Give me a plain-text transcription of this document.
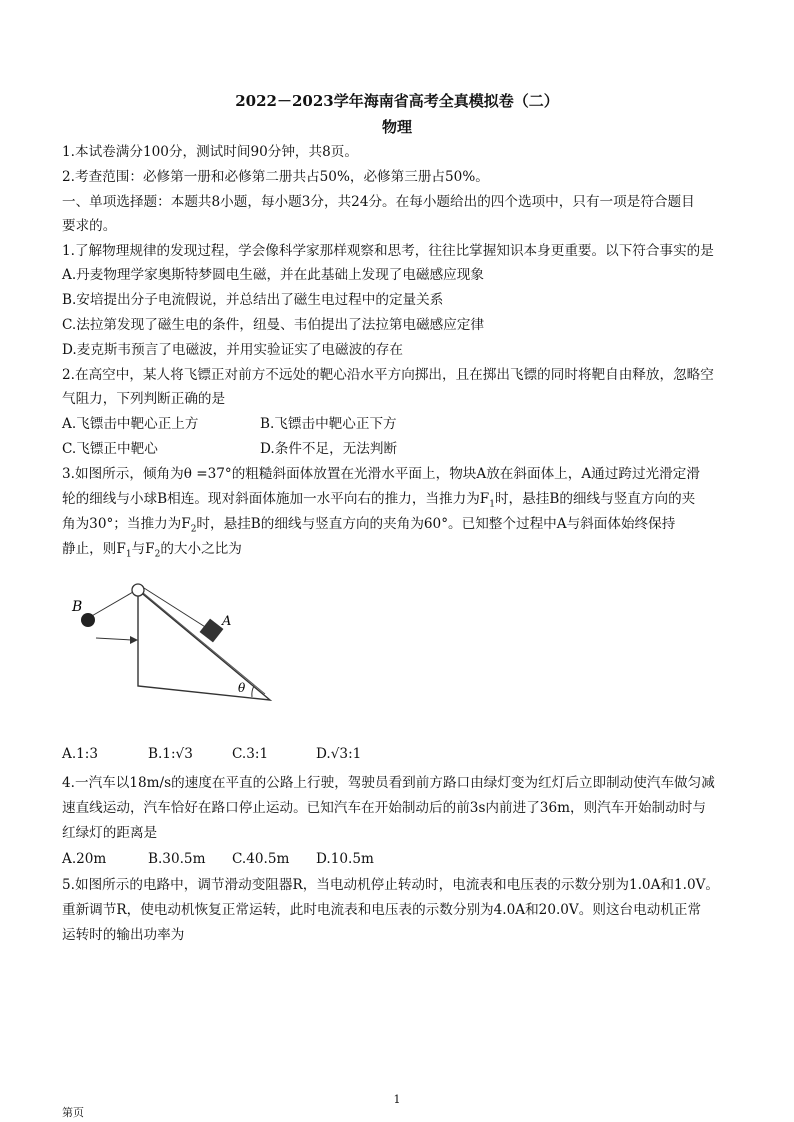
2022－2023学年海南省高考全真模拟卷（二）
物理
1.本试卷满分100分，测试时间90分钟，共8页。
2.考查范围：必修第一册和必修第二册共占50%，必修第三册占50%。
一、单项选择题：本题共8小题，每小题3分，共24分。在每小题给出的四个选项中，只有一项是符合题目
要求的。
1.了解物理规律的发现过程，学会像科学家那样观察和思考，往往比掌握知识本身更重要。以下符合事实的是
A.丹麦物理学家奥斯特梦圆电生磁，并在此基础上发现了电磁感应现象
B.安培提出分子电流假说，并总结出了磁生电过程中的定量关系
C.法拉第发现了磁生电的条件，纽曼、韦伯提出了法拉第电磁感应定律
D.麦克斯韦预言了电磁波，并用实验证实了电磁波的存在
2.在高空中，某人将飞镖正对前方不远处的靶心沿水平方向掷出，且在掷出飞镖的同时将靶自由释放，忽略空
气阻力，下列判断正确的是
A.飞镖击中靶心正上方	B.飞镖击中靶心正下方
C.飞镖正中靶心	D.条件不足，无法判断
3.如图所示，倾角为θ =37°的粗糙斜面体放置在光滑水平面上，物块A放在斜面体上，A通过跨过光滑定滑
轮的细线与小球B相连。现对斜面体施加一水平向右的推力，当推力为$F_1$时，悬挂B的细线与竖直方向的夹
角为30°；当推力为$F_2$时，悬挂B的细线与竖直方向的夹角为60°。已知整个过程中A与斜面体始终保持
静止，则$F_1$与$F_2$的大小之比为
B
A
θ
A.1:3	B.1:√3	C.3:1	D.√3:1
4.一汽车以18m/s的速度在平直的公路上行驶，驾驶员看到前方路口由绿灯变为红灯后立即制动使汽车做匀减
速直线运动，汽车恰好在路口停止运动。已知汽车在开始制动后的前3s内前进了36m，则汽车开始制动时与
红绿灯的距离是
A.20m	B.30.5m C.40.5m D.10.5m
5.如图所示的电路中，调节滑动变阻器R，当电动机停止转动时，电流表和电压表的示数分别为1.0A和1.0V。
重新调节R，使电动机恢复正常运转，此时电流表和电压表的示数分别为4.0A和20.0V。则这台电动机正常
运转时的输出功率为
1
第页
